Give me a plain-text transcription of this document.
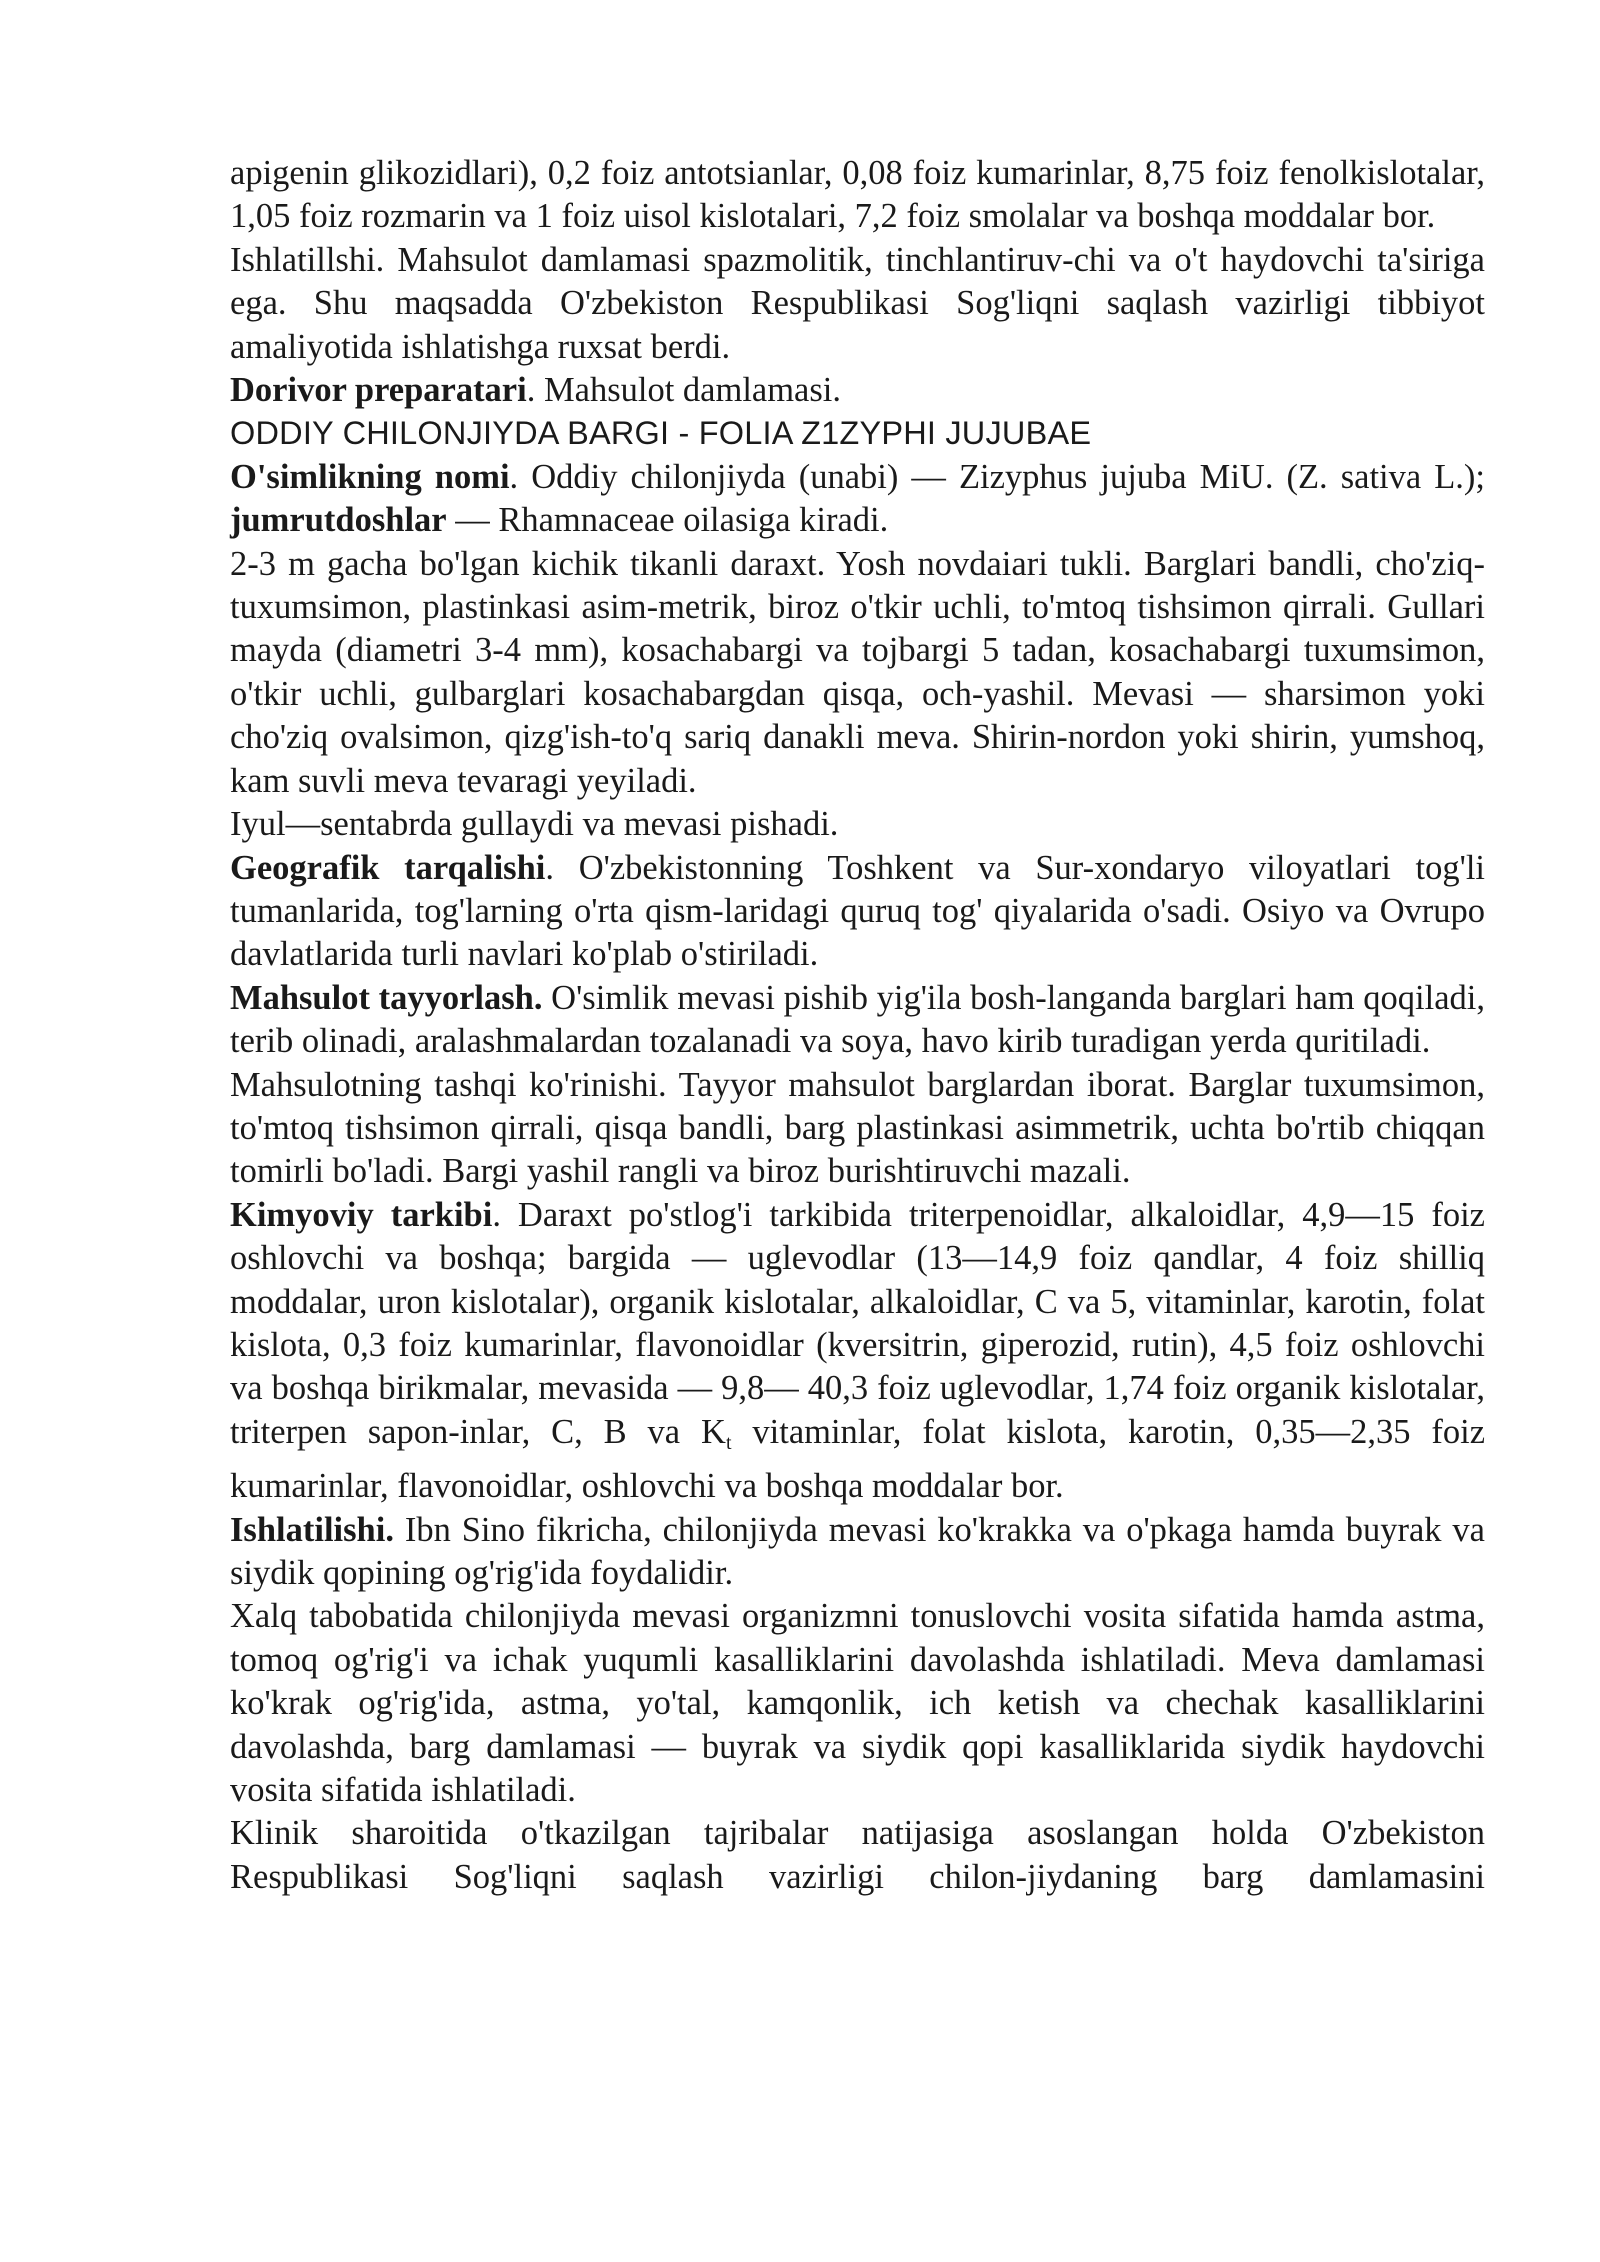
apigenin glikozidlari), 0,2 foiz antotsianlar, 0,08 foiz kumarinlar, 8,75 foiz fenolkislotalar, 1,05 foiz rozmarin va 1 foiz uisol kislotalari, 7,2 foiz smolalar va boshqa moddalar bor.

Ishlatillshi. Mahsulot damlamasi spazmolitik, tinchlantiruv-chi va o't haydovchi ta'siriga ega. Shu maqsadda O'zbekiston Respublikasi Sog'liqni saqlash vazirligi tibbiyot amaliyotida ishlatishga ruxsat berdi.

Dorivor preparatari. Mahsulot damlamasi.

ODDIY CHILONJIYDA BARGI - FOLIA Z1ZYPHI JUJUBAE

O'simlikning nomi. Oddiy chilonjiyda (unabi) — Zizyphus jujuba MiU. (Z. sativa L.); jumrutdoshlar — Rhamnaceae oilasiga kiradi.

2-3 m gacha bo'lgan kichik tikanli daraxt. Yosh novdaiari tukli. Barglari bandli, cho'ziq-tuxumsimon, plastinkasi asim-metrik, biroz o'tkir uchli, to'mtoq tishsimon qirrali. Gullari mayda (diametri 3-4 mm), kosachabargi va tojbargi 5 tadan, kosachabargi tuxumsimon, o'tkir uchli, gulbarglari kosachabargdan qisqa, och-yashil. Mevasi — sharsimon yoki cho'ziq ovalsimon, qizg'ish-to'q sariq danakli meva. Shirin-nordon yoki shirin, yumshoq, kam suvli meva tevaragi yeyiladi.

Iyul—sentabrda gullaydi va mevasi pishadi.

Geografik tarqalishi. O'zbekistonning Toshkent va Sur-xondaryo viloyatlari tog'li tumanlarida, tog'larning o'rta qism-laridagi quruq tog' qiyalarida o'sadi. Osiyo va Ovrupo davlatlarida turli navlari ko'plab o'stiriladi.

Mahsulot tayyorlash. O'simlik mevasi pishib yig'ila bosh-langanda barglari ham qoqiladi, terib olinadi, aralashmalardan tozalanadi va soya, havo kirib turadigan yerda quritiladi.

Mahsulotning tashqi ko'rinishi. Tayyor mahsulot barglardan iborat. Barglar tuxumsimon, to'mtoq tishsimon qirrali, qisqa bandli, barg plastinkasi asimmetrik, uchta bo'rtib chiqqan tomirli bo'ladi. Bargi yashil rangli va biroz burishtiruvchi mazali.

Kimyoviy tarkibi. Daraxt po'stlog'i tarkibida triterpenoidlar, alkaloidlar, 4,9—15 foiz oshlovchi va boshqa; bargida — uglevodlar (13—14,9 foiz qandlar, 4 foiz shilliq moddalar, uron kislotalar), organik kislotalar, alkaloidlar, C va 5, vitaminlar, karotin, folat kislota, 0,3 foiz kumarinlar, flavonoidlar (kversitrin, giperozid, rutin), 4,5 foiz oshlovchi va boshqa birikmalar, mevasida — 9,8— 40,3 foiz uglevodlar, 1,74 foiz organik kislotalar, triterpen sapon-inlar, C, B va $K_t$ vitaminlar, folat kislota, karotin, 0,35—2,35 foiz kumarinlar, flavonoidlar, oshlovchi va boshqa moddalar bor.

Ishlatilishi. Ibn Sino fikricha, chilonjiyda mevasi ko'krakka va o'pkaga hamda buyrak va siydik qopining og'rig'ida foydalidir.

Xalq tabobatida chilonjiyda mevasi organizmni tonuslovchi vosita sifatida hamda astma, tomoq og'rig'i va ichak yuqumli kasalliklarini davolashda ishlatiladi. Meva damlamasi ko'krak og'rig'ida, astma, yo'tal, kamqonlik, ich ketish va chechak kasalliklarini davolashda, barg damlamasi — buyrak va siydik qopi kasalliklarida siydik haydovchi vosita sifatida ishlatiladi.

Klinik sharoitida o'tkazilgan tajribalar natijasiga asoslangan holda O'zbekiston Respublikasi Sog'liqni saqlash vazirligi chilon-jiydaning barg damlamasini
